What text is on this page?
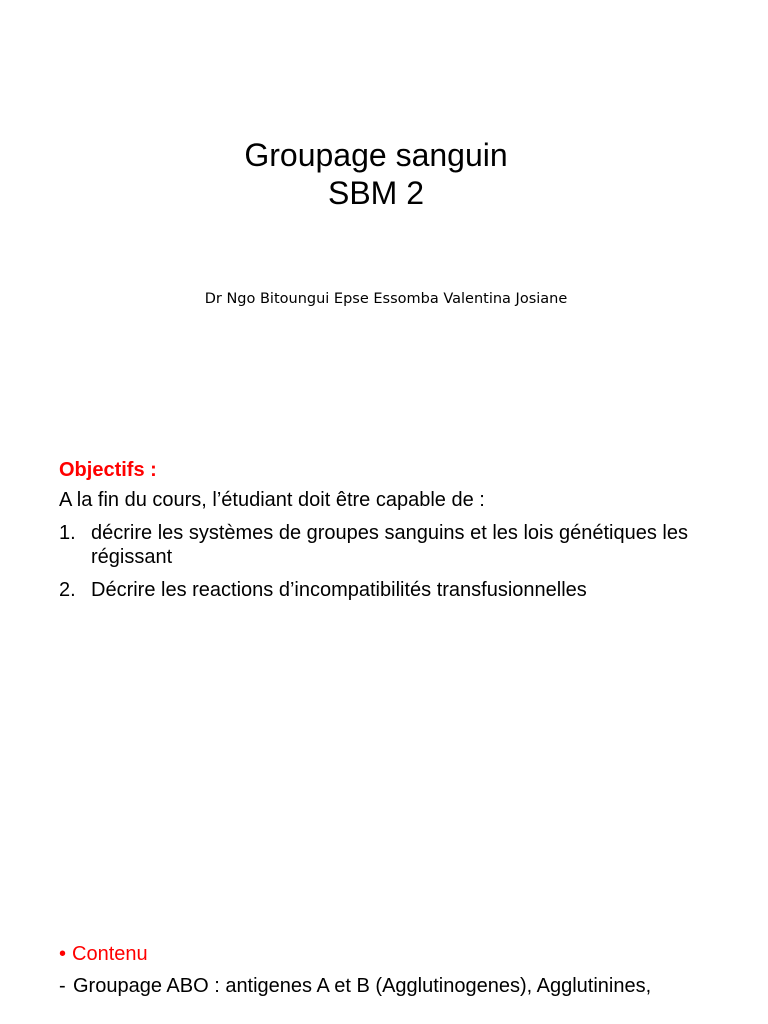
Groupage sanguin
SBM 2
Dr Ngo Bitoungui Epse Essomba Valentina Josiane
Objectifs :
A la fin du cours, l’étudiant doit être capable de :
1. décrire les systèmes de groupes sanguins et les lois génétiques les régissant
2. Décrire les reactions d’incompatibilités transfusionnelles
• Contenu
- Groupage ABO : antigenes A et B (Agglutinogenes), Agglutinines,
